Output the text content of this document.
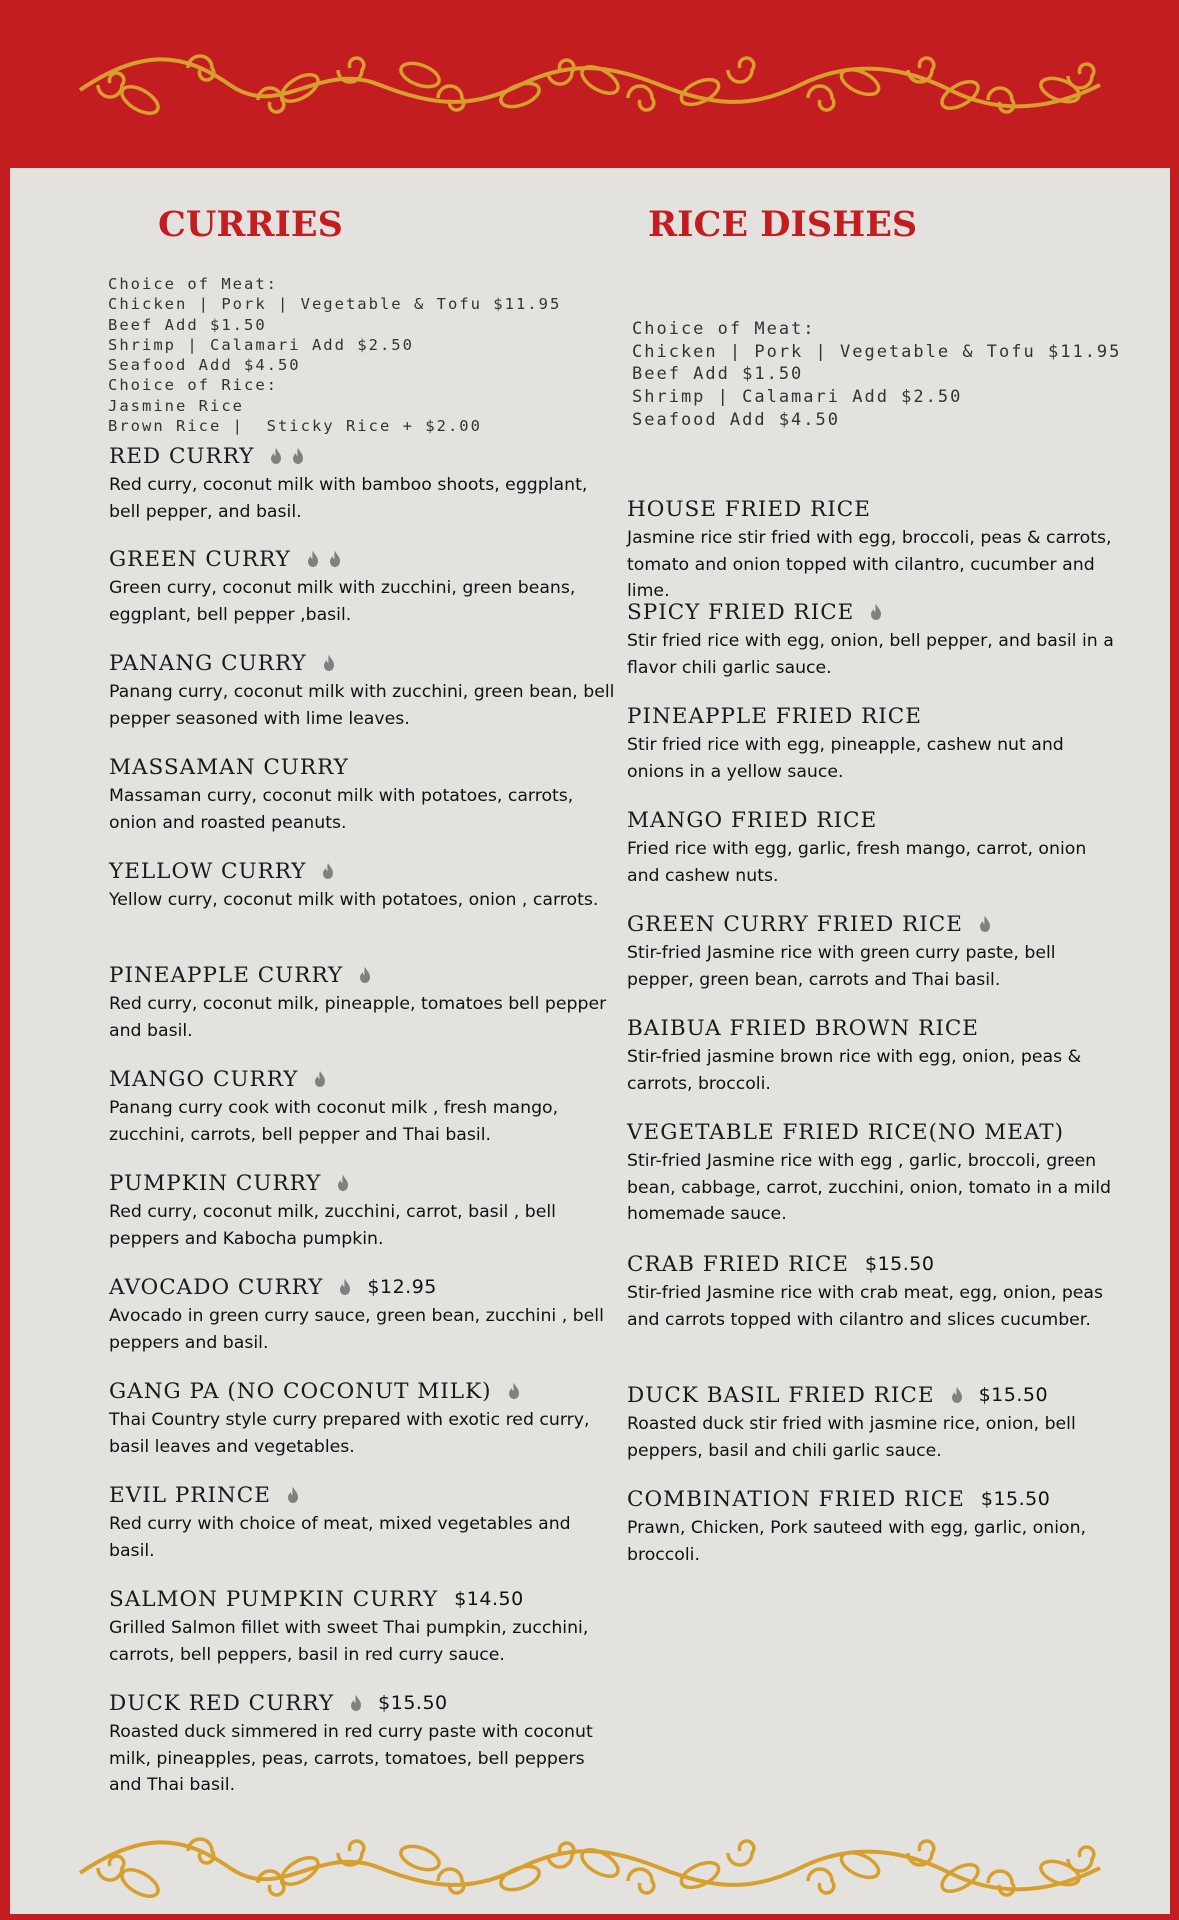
CURRIES
Choice of Meat:
Chicken | Pork | Vegetable & Tofu $11.95
Beef Add $1.50
Shrimp | Calamari Add $2.50
Seafood Add $4.50
Choice of Rice:
Jasmine Rice
Brown Rice |  Sticky Rice + $2.00
RED CURRY
Red curry, coconut milk with bamboo shoots, eggplant, bell pepper, and basil.
GREEN CURRY
Green curry, coconut milk with zucchini, green beans, eggplant, bell pepper ,basil.
PANANG CURRY
Panang curry, coconut milk with zucchini, green bean, bell pepper seasoned with lime leaves.
MASSAMAN CURRY
Massaman curry, coconut milk with potatoes, carrots, onion and roasted peanuts.
YELLOW CURRY
Yellow curry, coconut milk with potatoes, onion , carrots.
PINEAPPLE CURRY
Red curry, coconut milk, pineapple, tomatoes bell pepper and basil.
MANGO CURRY
Panang curry cook with coconut milk , fresh mango, zucchini, carrots, bell pepper and Thai basil.
PUMPKIN CURRY
Red curry, coconut milk, zucchini, carrot, basil , bell peppers and Kabocha pumpkin.
AVOCADO CURRY $12.95
Avocado in green curry sauce, green bean, zucchini , bell peppers and basil.
GANG PA (NO COCONUT MILK)
Thai Country style curry prepared with exotic red curry, basil leaves and vegetables.
EVIL PRINCE
Red curry with choice of meat, mixed vegetables and basil.
SALMON PUMPKIN CURRY $14.50
Grilled Salmon fillet with sweet Thai pumpkin, zucchini, carrots, bell peppers, basil in red curry sauce.
DUCK RED CURRY $15.50
Roasted duck simmered in red curry paste with coconut milk, pineapples, peas, carrots, tomatoes, bell peppers and Thai basil.
RICE DISHES
Choice of Meat:
Chicken | Pork | Vegetable & Tofu $11.95
Beef Add $1.50
Shrimp | Calamari Add $2.50
Seafood Add $4.50
HOUSE FRIED RICE
Jasmine rice stir fried with egg, broccoli, peas & carrots, tomato and onion topped with cilantro, cucumber and lime.
SPICY FRIED RICE
Stir fried rice with egg, onion, bell pepper, and basil in a flavor chili garlic sauce.
PINEAPPLE FRIED RICE
Stir fried rice with egg, pineapple, cashew nut and onions in a yellow sauce.
MANGO FRIED RICE
Fried rice with egg, garlic, fresh mango, carrot, onion and cashew nuts.
GREEN CURRY FRIED RICE
Stir-fried Jasmine rice with green curry paste, bell pepper, green bean, carrots and Thai basil.
BAIBUA FRIED BROWN RICE
Stir-fried jasmine brown rice with egg, onion, peas & carrots, broccoli.
VEGETABLE FRIED RICE(NO MEAT)
Stir-fried Jasmine rice with egg , garlic, broccoli, green bean, cabbage, carrot, zucchini, onion, tomato in a mild homemade sauce.
CRAB FRIED RICE $15.50
Stir-fried Jasmine rice with crab meat, egg, onion, peas and carrots topped with cilantro and slices cucumber.
DUCK BASIL FRIED RICE $15.50
Roasted duck stir fried with jasmine rice, onion, bell peppers, basil and chili garlic sauce.
COMBINATION FRIED RICE $15.50
Prawn, Chicken, Pork sauteed with egg, garlic, onion, broccoli.
